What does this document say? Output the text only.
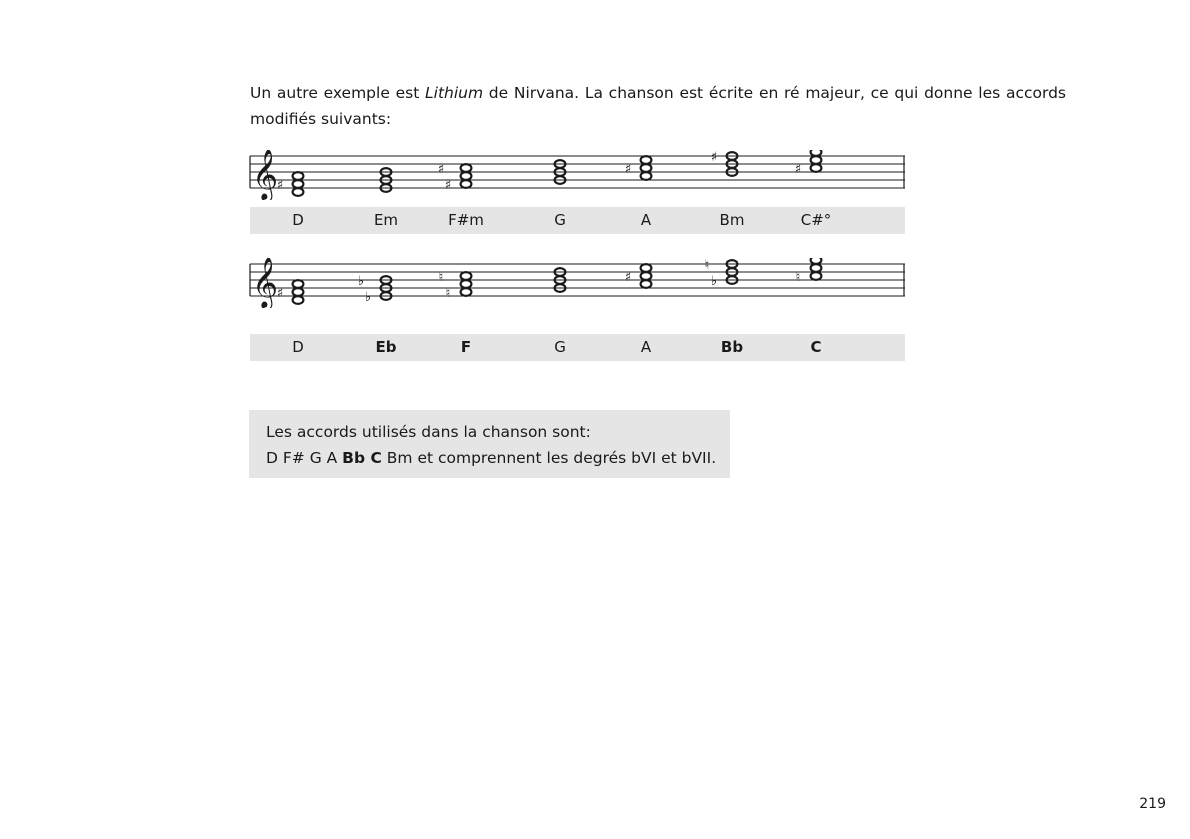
Un autre exemple est Lithium de Nirvana. La chanson est écrite en ré majeur, ce qui donne les accords modifiés suivants:

𝄞
♯	♯
♯	♯
♯
♯
D	Em	F#m	G	A	Bm	C#°
𝄞
♯	♭
♭
♮
♮	♯	♭
♮
♮
D	Eb	F	G	A	Bb	C
Les accords utilisés dans la chanson sont:
D F# G A Bb C Bm et comprennent les degrés bVI et bVII.
219
